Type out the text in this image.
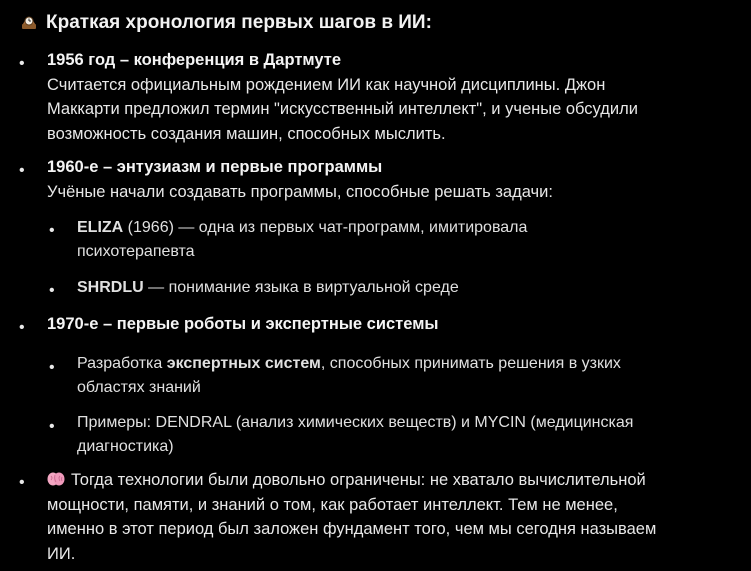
Краткая хронология первых шагов в ИИ:
• 1956 год – конференция в Дартмуте
Считается официальным рождением ИИ как научной дисциплины. Джон
Маккарти предложил термин "искусственный интеллект", и ученые обсудили
возможность создания машин, способных мыслить.
• 1960-е – энтузиазм и первые программы
Учёные начали создавать программы, способные решать задачи:
• ELIZA (1966) — одна из первых чат-программ, имитировала
психотерапевта
• SHRDLU — понимание языка в виртуальной среде
• 1970-е – первые роботы и экспертные системы
• Разработка экспертных систем, способных принимать решения в узких
областях знаний
• Примеры: DENDRAL (анализ химических веществ) и MYCIN (медицинская
диагностика)
•	Тогда технологии были довольно ограничены: не хватало вычислительной
мощности, памяти, и знаний о том, как работает интеллект. Тем не менее,
именно в этот период был заложен фундамент того, чем мы сегодня называем
ИИ.
